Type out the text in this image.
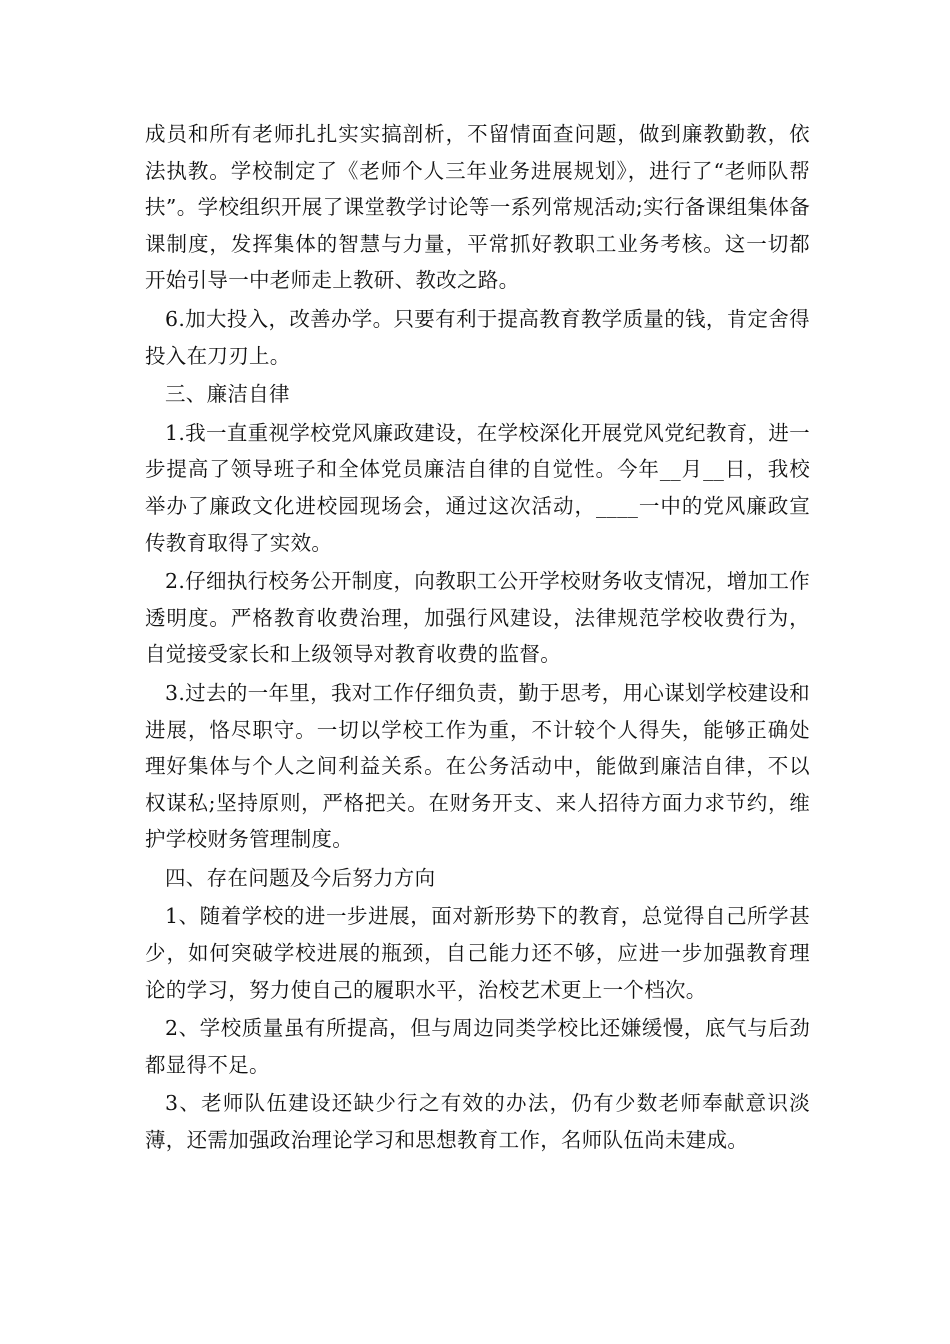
成员和所有老师扎扎实实搞剖析，不留情面查问题，做到廉教勤教，依法执教。学校制定了《老师个人三年业务进展规划》，进行了“老师队帮扶”。学校组织开展了课堂教学讨论等一系列常规活动;实行备课组集体备课制度，发挥集体的智慧与力量，平常抓好教职工业务考核。这一切都开始引导一中老师走上教研、教改之路。

6.加大投入，改善办学。只要有利于提高教育教学质量的钱，肯定舍得投入在刀刃上。

三、廉洁自律

1.我一直重视学校党风廉政建设，在学校深化开展党风党纪教育，进一步提高了领导班子和全体党员廉洁自律的自觉性。今年__月__日，我校举办了廉政文化进校园现场会，通过这次活动，____一中的党风廉政宣传教育取得了实效。

2.仔细执行校务公开制度，向教职工公开学校财务收支情况，增加工作透明度。严格教育收费治理，加强行风建设，法律规范学校收费行为，自觉接受家长和上级领导对教育收费的监督。

3.过去的一年里，我对工作仔细负责，勤于思考，用心谋划学校建设和进展，恪尽职守。一切以学校工作为重，不计较个人得失，能够正确处理好集体与个人之间利益关系。在公务活动中，能做到廉洁自律，不以权谋私;坚持原则，严格把关。在财务开支、来人招待方面力求节约，维护学校财务管理制度。

四、存在问题及今后努力方向

1、随着学校的进一步进展，面对新形势下的教育，总觉得自己所学甚少，如何突破学校进展的瓶颈，自己能力还不够，应进一步加强教育理论的学习，努力使自己的履职水平，治校艺术更上一个档次。

2、学校质量虽有所提高，但与周边同类学校比还嫌缓慢，底气与后劲都显得不足。

3、老师队伍建设还缺少行之有效的办法，仍有少数老师奉献意识淡薄，还需加强政治理论学习和思想教育工作，名师队伍尚未建成。
